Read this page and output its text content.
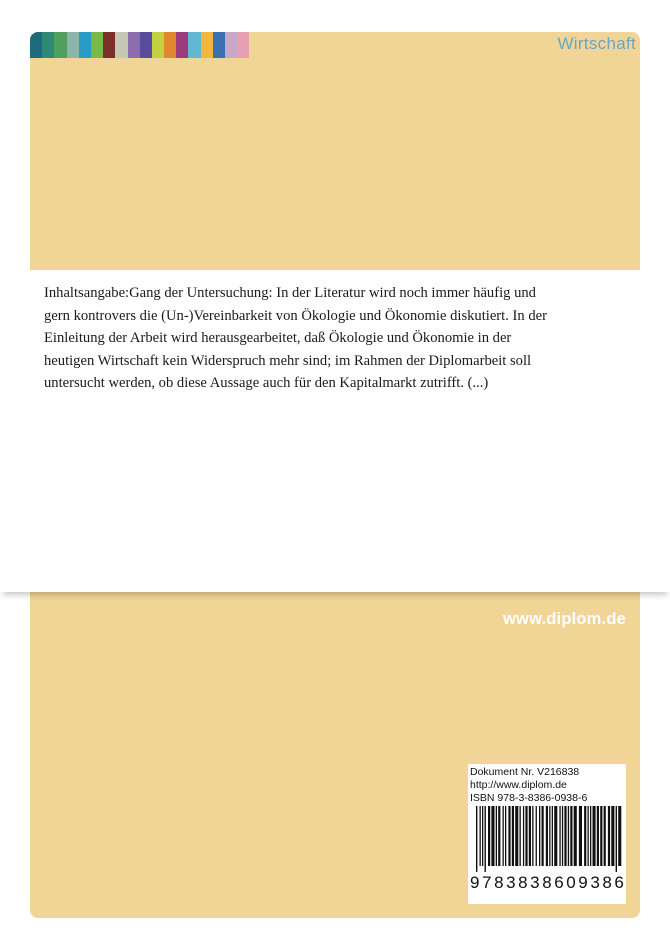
Wirtschaft

Inhaltsangabe:Gang der Untersuchung: In der Literatur wird noch immer häufig und gern kontrovers die (Un-)Vereinbarkeit von Ökologie und Ökonomie diskutiert. In der Einleitung der Arbeit wird herausgearbeitet, daß Ökologie und Ökonomie in der heutigen Wirtschaft kein Widerspruch mehr sind; im Rahmen der Diplomarbeit soll untersucht werden, ob diese Aussage auch für den Kapitalmarkt zutrifft. (...)

www.diplom.de
Dokument Nr. V216838
http://www.diplom.de
ISBN 978-3-8386-0938-6
9 7 8 3 8 3 8 6 0 9 3 8 6
